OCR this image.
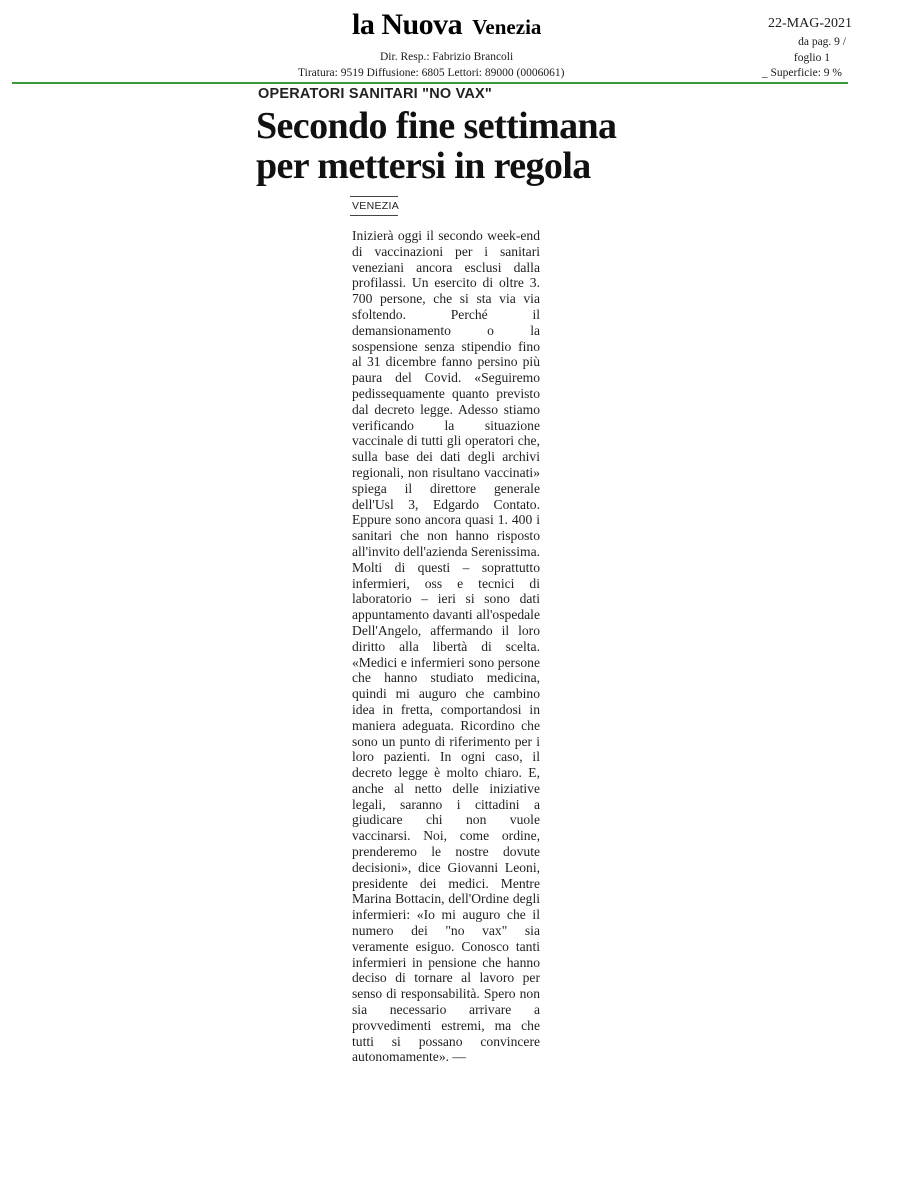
la Nuova Venezia
Dir. Resp.: Fabrizio Brancoli
Tiratura: 9519 Diffusione: 6805 Lettori: 89000 (0006061)
22-MAG-2021
da pag. 9 /
foglio 1
_ Superficie: 9 %
OPERATORI SANITARI "NO VAX"
Secondo fine settimana per mettersi in regola
VENEZIA
Inizierà oggi il secondo week-end di vaccinazioni per i sanitari veneziani ancora esclusi dalla profilassi. Un esercito di oltre 3. 700 persone, che si sta via via sfoltendo. Perché il demansionamento o la sospensione senza stipendio fino al 31 dicembre fanno persino più paura del Covid. «Seguiremo pedissequamente quanto previsto dal decreto legge. Adesso stiamo verificando la situazione vaccinale di tutti gli operatori che, sulla base dei dati degli archivi regionali, non risultano vaccinati» spiega il direttore generale dell'Usl 3, Edgardo Contato. Eppure sono ancora quasi 1. 400 i sanitari che non hanno risposto all'invito dell'azienda Serenissima. Molti di questi – soprattutto infermieri, oss e tecnici di laboratorio – ieri si sono dati appuntamento davanti all'ospedale Dell'Angelo, affermando il loro diritto alla libertà di scelta. «Medici e infermieri sono persone che hanno studiato medicina, quindi mi auguro che cambino idea in fretta, comportandosi in maniera adeguata. Ricordino che sono un punto di riferimento per i loro pazienti. In ogni caso, il decreto legge è molto chiaro. E, anche al netto delle iniziative legali, saranno i cittadini a giudicare chi non vuole vaccinarsi. Noi, come ordine, prenderemo le nostre dovute decisioni», dice Giovanni Leoni, presidente dei medici. Mentre Marina Bottacin, dell'Ordine degli infermieri: «Io mi auguro che il numero dei "no vax" sia veramente esiguo. Conosco tanti infermieri in pensione che hanno deciso di tornare al lavoro per senso di responsabilità. Spero non sia necessario arrivare a provvedimenti estremi, ma che tutti si possano convincere autonomamente». —
